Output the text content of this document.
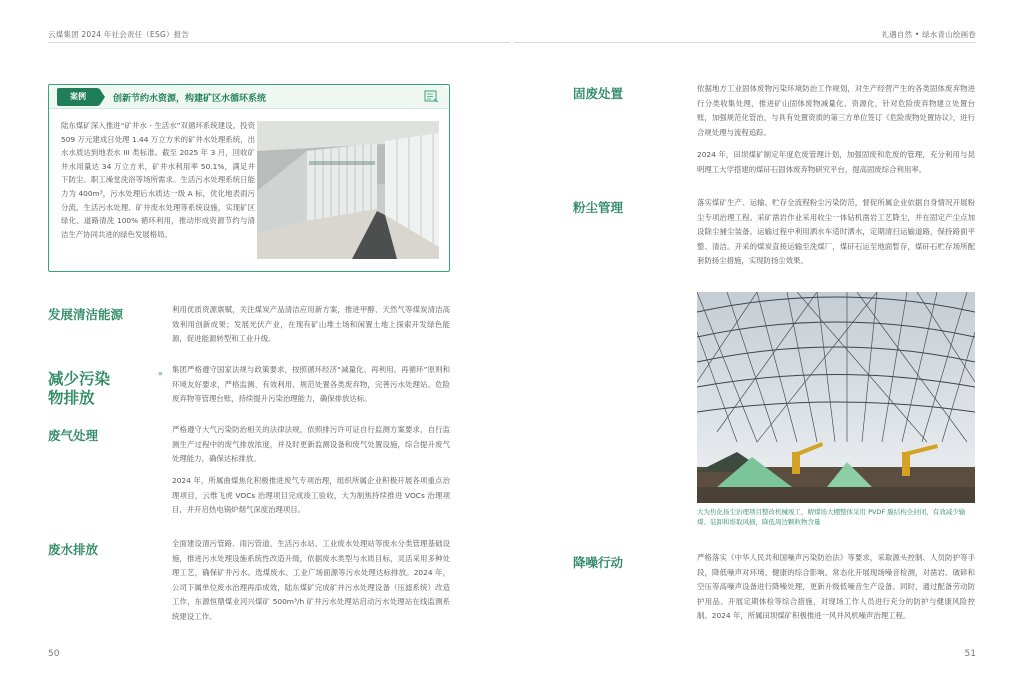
云煤集团 2024 年社会责任（ESG）报告	礼遇自然 • 绿水青山绘画卷
案例	创新节约水资源，构建矿区水循环系统
陆东煤矿深入推进“矿井水 - 生活水”双循环系统建设。投资 509 万元建成日处理 1.44 万立方米的矿井水处理系统，出水水质达到地表水 III 类标准。截至 2025 年 3 月，回收矿井水用量达 34 万立方米，矿井水利用率 50.1%，满足井下防尘、职工澡堂洗浴等场所需求。生活污水处理系统日能力为 400m³，污水处理后水质达一级 A 标，优化地表雨污分流、生活污水处理、矿井废水处理等系统设施，实现矿区绿化、道路清洗 100% 循环利用，推动形成资源节约与清洁生产协同共进的绿色发展格局。
发展清洁能源	利用优质资源禀赋，关注煤炭产品清洁应用新方案，推进甲醇、天然气等煤炭清洁高效利用创新成果；发展光伏产业，在现有矿山堆土场和闲置土地上探索开发绿色能源，促进能源转型和工业升级。
减少污染
物排放
» 集团严格遵守国家法规与政策要求，按照循环经济“减量化、再利用、再循环”原则和环境友好要求，严格监测、有效利用、规范处置各类废弃物，完善污水处理站、危险废弃物等管理台账，持续提升污染治理能力，确保排放达标。
废气处理	严格遵守大气污染防治相关的法律法规，依照排污许可证自行监测方案要求，自行监测生产过程中的废气排放浓度，并及时更新监测设备和废气处置设施，综合提升废气处理能力，确保达标排放。
2024 年，所属曲煤焦化积极推进废气专项治理，组织所属企业积极开展各项重点治理项目，云维飞虎 VOCs 治理项目完成竣工验收，大为制焦持续推进 VOCs 治理项目，并开启热电锅炉烟气深度治理项目。
废水排放	全面建设清污管路、雨污管道、生活污水站、工业废水处理站等废水分类管理基础设施，推进污水处理设施系统性改造升级，依据废水类型与水质目标，灵活采用多种处理工艺，确保矿井污水、选煤废水、工业广场面源等污水处理达标排放。2024 年，公司下属单位废水治理再添成效，陆东煤矿完成矿井污水处理设备（压滤系统）改造工作，东源恒鼎煤业河兴煤矿 500m³/h 矿井污水处理站启动污水处理站在线监测系统建设工作。
固废处置	依据地方工业固体废物污染环境防治工作规划，对生产经营产生的各类固体废弃物进行分类收集处理，推进矿山固体废物减量化、资源化，针对危险废弃物建立处置台账，加强规范化管治，与具有处置资质的第三方单位签订《危险废物处置协议》，进行合规处理与流程追踪。
2024 年，田坝煤矿制定年度危废管理计划，加强固废和危废的管理，充分利用与昆明理工大学搭建的煤矸石固体废弃物研究平台，提高固废综合利用率。
粉尘管理	落实煤矿生产、运输、贮存全流程粉尘污染防范，督促所属企业依据自身情况开展粉尘专项治理工程。采矿凿岩作业采用收尘一体钻机凿岩工艺降尘，并在固定产尘点加设除尘捕尘装备。运输过程中利用洒水车适时洒水，定期清扫运输道路，保持路面平整、清洁。开采的煤炭直接运输至洗煤厂，煤矸石运至地面暂存，煤矸石贮存场所配套防扬尘措施，实现防扬尘效果。
大为焦化扬尘治理项目整改机械竣工，精煤场大棚整体采用 PVDF 膜结构全封闭，有效减少输煤、装卸和堆取风损，降低周边颗粒物含量
降噪行动	严格落实《中华人民共和国噪声污染防治法》等要求，采取源头控制、人员防护等手段，降低噪声对环境、健康的综合影响。常态化开展现场噪音检测，对凿岩、破碎和空压等高噪声设备进行降噪处理，更新升级低噪音生产设备。同时，通过配备劳动防护用品、开展定期体检等综合措施，对现场工作人员进行充分的防护与健康风险控制。2024 年，所属田坝煤矿积极推进一风井风机噪声治理工程。
50	51
